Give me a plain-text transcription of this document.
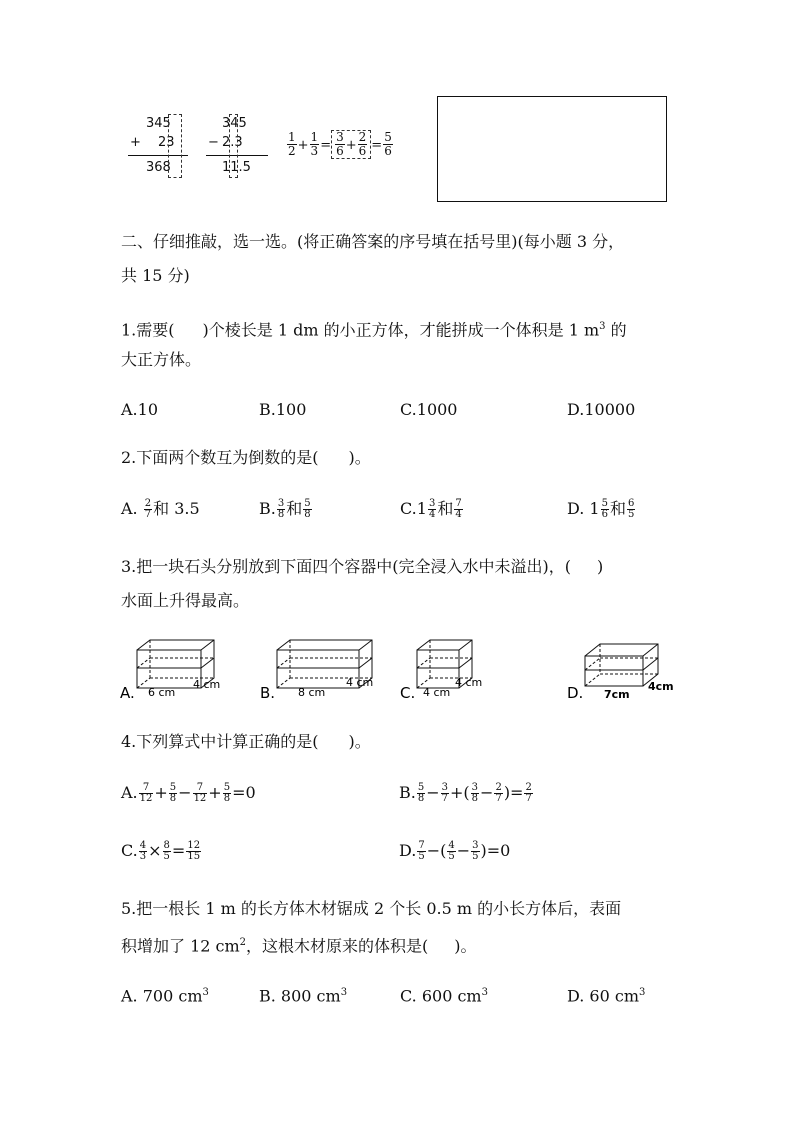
345
+ 23
368
345
− 2.3
11.5
$\frac{1}{2} + \frac{1}{3} = \frac{3}{6} + \frac{2}{6} = \frac{5}{6}$
二、仔细推敲，选一选。(将正确答案的序号填在括号里)(每小题 3 分，
共 15 分)
1.需要( )个棱长是 1 dm 的小正方体，才能拼成一个体积是 1 $m^3$ 的
大正方体。
A.10	B.100	C.1000	D.10000
2.下面两个数互为倒数的是( )。
A. $\frac{2}{7}$ 和 3.5	B. $\frac{3}{8}$ 和 $\frac{5}{8}$	$C.1 \frac{3}{4}$ 和 $\frac{7}{4}$	D. $1 \frac{5}{6}$ 和 $\frac{6}{5}$
3.把一块石头分别放到下面四个容器中(完全浸入水中未溢出)，( )
水面上升得最高。
A. 6 cm
4 cm	B. 8 cm
4 cm
C. 4 cm
4 cm
D. 7cm
4cm
4.下列算式中计算正确的是( )。
A. $\frac{7}{12} + \frac{5}{8} - \frac{7}{12} + \frac{5}{8} =0$	B. $\frac{5}{8} - \frac{3}{7}$ +( $\frac{3}{8} - \frac{2}{7}$ )= $\frac{2}{7}$
C. $\frac{4}{3} \times \frac{8}{5} = \frac{12}{15}$	D. $\frac{7}{5}$ −( $\frac{4}{5} - \frac{3}{5} )=0$
5.把一根长 1 m 的长方体木材锯成 2 个长 0.5 m 的小长方体后，表面
积增加了 12 $cm^2$，这根木材原来的体积是( )。
A. 700 $cm^3$	B. 800 $cm^3$	C. 600 $cm^3$	D. 60 $cm^3$
